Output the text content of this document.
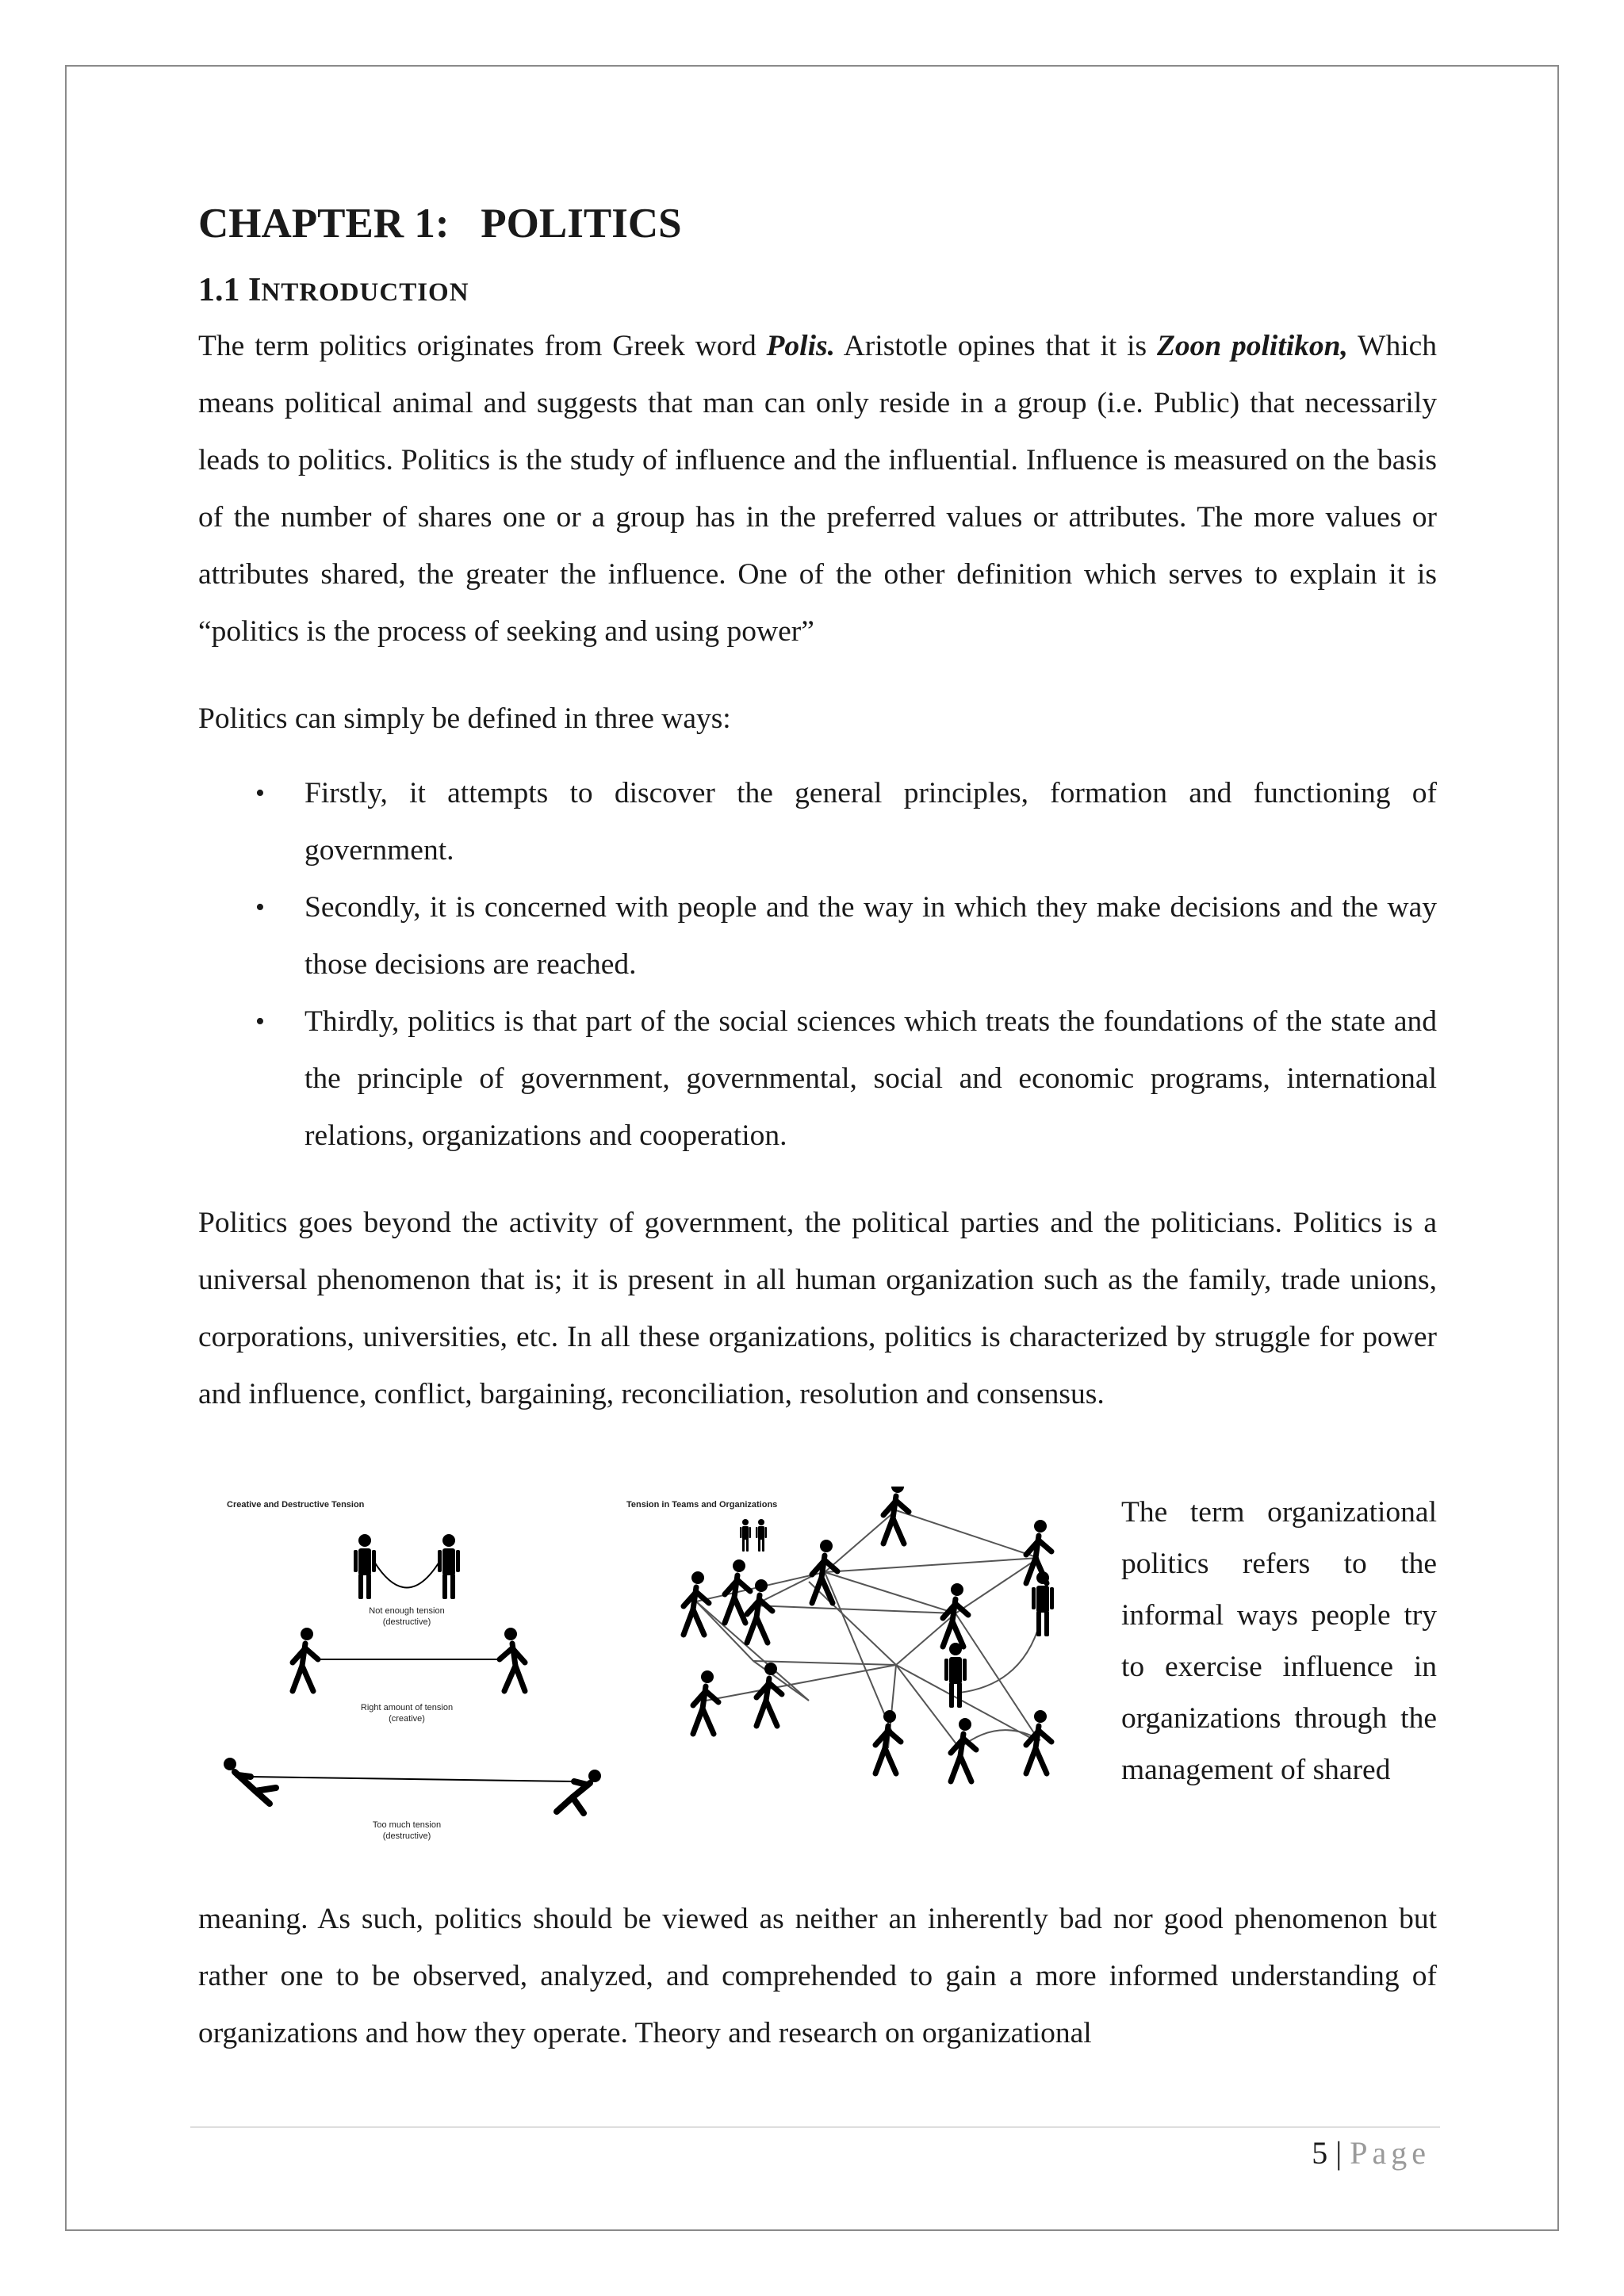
CHAPTER 1:   POLITICS
1.1 INTRODUCTION

The term politics originates from Greek word Polis. Aristotle opines that it is Zoon politikon, Which means political animal and suggests that man can only reside in a group (i.e. Public) that necessarily leads to politics. Politics is the study of influence and the influential. Influence is measured on the basis of the number of shares one or a group has in the preferred values or attributes. The more values or attributes shared, the greater the influence. One of the other definition which serves to explain it is “politics is the process of seeking and using power”

Politics can simply be defined in three ways:

• Firstly, it attempts to discover the general principles, formation and functioning of government.
• Secondly, it is concerned with people and the way in which they make decisions and the way those decisions are reached.
• Thirdly, politics is that part of the social sciences which treats the foundations of the state and the principle of government, governmental, social and economic programs, international relations, organizations and cooperation.

Politics goes beyond the activity of government, the political parties and the politicians. Politics is a universal phenomenon that is; it is present in all human organization such as the family, trade unions, corporations, universities, etc. In all these organizations, politics is characterized by struggle for power and influence, conflict, bargaining, reconciliation, resolution and consensus.

Creative and Destructive Tension	Tension in Teams and Organizations
Not enough tension
(destructive)
Right amount of tension
(creative)
Too much tension
(destructive)
The term organizational politics refers to the informal ways people try to exercise influence in organizations through the management of shared

meaning. As such, politics should be viewed as neither an inherently bad nor good phenomenon but rather one to be observed, analyzed, and comprehended to gain a more informed understanding of organizations and how they operate. Theory and research on organizational

5 | Page
